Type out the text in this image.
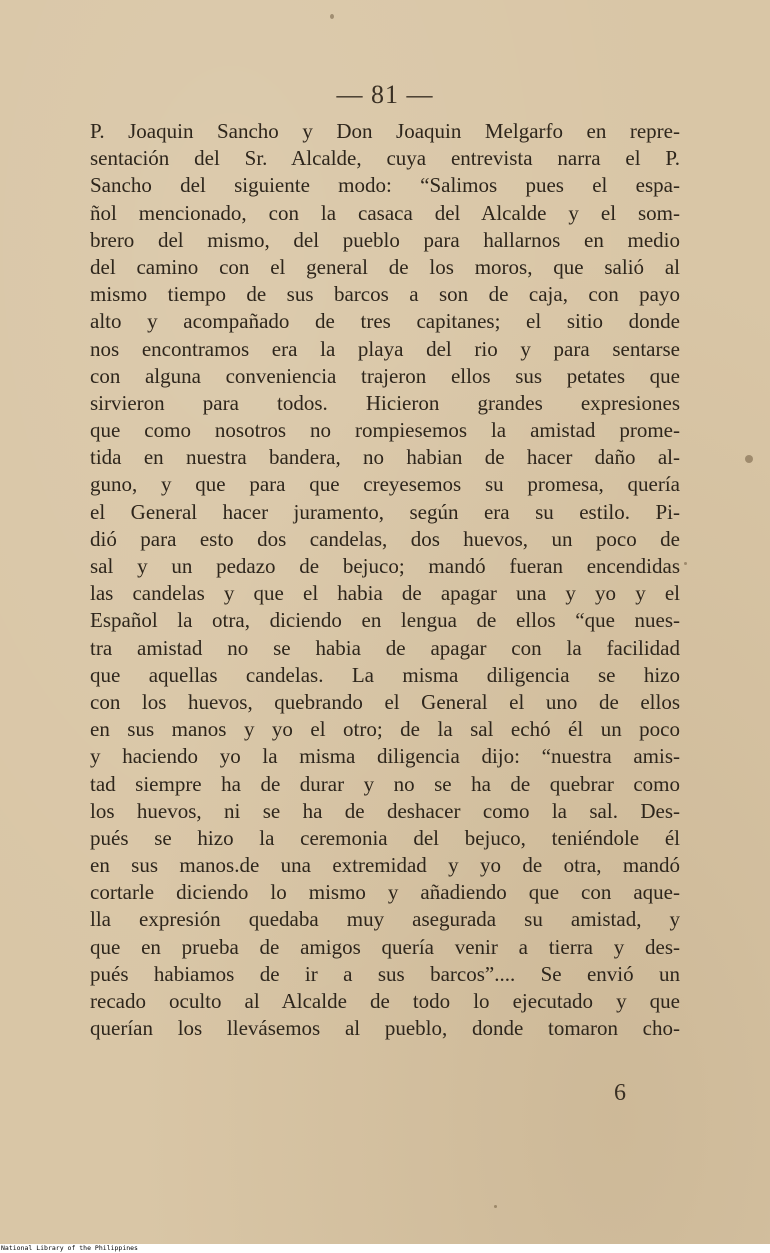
— 81 —
P. Joaquin Sancho y Don Joaquin Melgarfo en repre-
sentación del Sr. Alcalde, cuya entrevista narra el P.
Sancho del siguiente modo: “Salimos pues el espa-
ñol mencionado, con la casaca del Alcalde y el som-
brero del mismo, del pueblo para hallarnos en medio
del camino con el general de los moros, que salió al
mismo tiempo de sus barcos a son de caja, con payo
alto y acompañado de tres capitanes; el sitio donde
nos encontramos era la playa del rio y para sentarse
con alguna conveniencia trajeron ellos sus petates que
sirvieron para todos. Hicieron grandes expresiones
que como nosotros no rompiesemos la amistad prome-
tida en nuestra bandera, no habian de hacer daño al-
guno, y que para que creyesemos su promesa, quería
el General hacer juramento, según era su estilo. Pi-
dió para esto dos candelas, dos huevos, un poco de
sal y un pedazo de bejuco; mandó fueran encendidas
las candelas y que el habia de apagar una y yo y el
Español la otra, diciendo en lengua de ellos “que nues-
tra amistad no se habia de apagar con la facilidad
que aquellas candelas. La misma diligencia se hizo
con los huevos, quebrando el General el uno de ellos
en sus manos y yo el otro; de la sal echó él un poco
y haciendo yo la misma diligencia dijo: “nuestra amis-
tad siempre ha de durar y no se ha de quebrar como
los huevos, ni se ha de deshacer como la sal. Des-
pués se hizo la ceremonia del bejuco, teniéndole él
en sus manos.de una extremidad y yo de otra, mandó
cortarle diciendo lo mismo y añadiendo que con aque-
lla expresión quedaba muy asegurada su amistad, y
que en prueba de amigos quería venir a tierra y des-
pués habiamos de ir a sus barcos”.... Se envió un
recado oculto al Alcalde de todo lo ejecutado y que
querían los llevásemos al pueblo, donde tomaron cho-
6
National Library of the Philippines
